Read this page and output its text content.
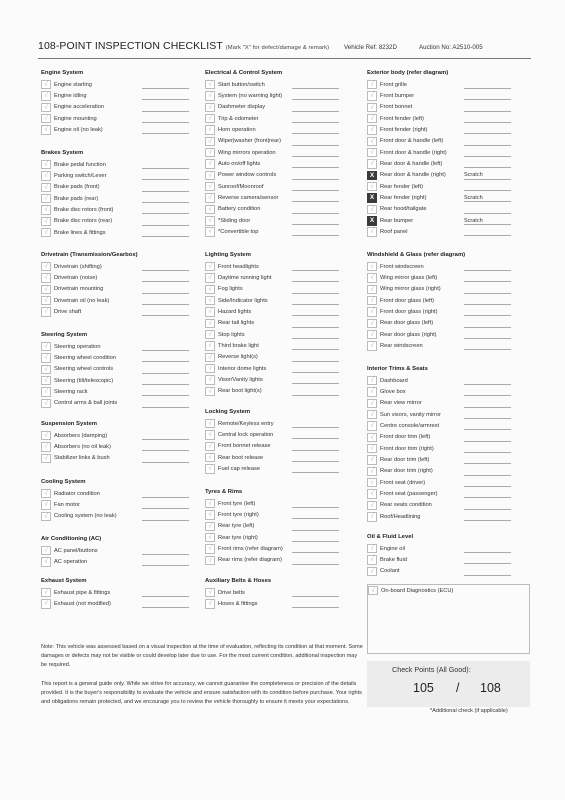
108-POINT INSPECTION CHECKLIST (Mark "X" for defect/damage & remark) Vehicle Ref: 8232D	Auction No: A2510-005
Engine System
√	Engine starting
√	Engine idling
√	Engine acceleration
√	Engine mounting
√	Engine oil (no leak)
Brakes System
√	Brake pedal function
√	Parking switch/Lever
√	Brake pads (front)
√	Brake pads (rear)
√	Brake disc rotors (front)
√	Brake disc rotors (rear)
√	Brake lines & fittings
Drivetrain (Transmission/Gearbox)
√	Drivetrain (shifting)
√	Drivetrain (noise)
√	Drivetrain mounting
√	Drivetrain oil (no leak)
√	Drive shaft
Steering System
√	Steering operation
√	Steering wheel condition
√	Steering wheel controls
√	Steering (tilt/telescopic)
√	Steering rack
√	Control arms & ball joints
Suspension System
√	Absorbers (damping)
√	Absorbers (no oil leak)
√	Stabilizer links & bush
Cooling System
√	Radiator condition
√	Fan motor
√	Cooling system (no leak)
Air Conditioning (AC)
√	AC panel/buttons
√	AC operation
Exhaust System
√	Exhaust pipe & fittings
√	Exhaust (not modified)
Electrical & Control System
√	Start button/switch
√	System (no warning light)
√	Dashmeter display
√	Trip & odometer
√	Horn operation
√	Wiper|washer (front|rear)
√	Wing mirrors operation
√	Auto on/off lights
√	Power window controls
√	Sunroof/Moonroof
√	Reverse camera/sensor
√	Battery condition
√	*Sliding door
√	*Convertible top
Lighting System
√	Front headlights
√	Daytime running light
√	Fog lights
√	Side/Indicator lights
√	Hazard lights
√	Rear tail lights
√	Stop lights
√	Third brake light
√	Reverse light(s)
√	Interior dome lights
√	Visor/Vanity lights
√	Rear boot light(s)
Locking System
√	Remote/Keyless entry
√	Central lock operation
√	Front bonnet release
√	Rear boot release
√	Fuel cap release
Tyres & Rims
√	Front tyre (left)
√	Front tyre (right)
√	Rear tyre (left)
√	Rear tyre (right)
√	Front rims (refer diagram)
√	Rear rims (refer diagram)
Auxiliary Belts & Hoses
√	Drive belts
√	Hoses & fittings
Exterior body (refer diagram)
√	Front grille
√	Front bumper
√	Front bonnet
√	Front fender (left)
√	Front fender (right)
√	Front door & handle (left)
√	Front door & handle (right)
√	Rear door & handle (left)
X	Rear door & handle (right)	Scratch
√	Rear fender (left)
X	Rear fender (right)	Scratch
√	Rear hood/tailgate
X	Rear bumper	Scratch
√	Roof panel
Windshield & Glass (refer diagram)
√	Front windscreen
√	Wing mirror glass (left)
√	Wing mirror glass (right)
√	Front door glass (left)
√	Front door glass (right)
√	Rear door glass (left)
√	Rear door glass (right)
√	Rear windscreen
Interior Trims & Seats
√	Dashboard
√	Glove box
√	Rear view mirror
√	Sun visors, vanity mirror
√	Centre console/armrest
√	Front door trim (left)
√	Front door trim (right)
√	Rear door trim (left)
√	Rear door trim (right)
√	Front seat (driver)
√	Front seat (passenger)
√	Rear seats condition
√	Roof/Headlining
Oil & Fluid Level
√	Engine oil
√	Brake fluid
√	Coolant
√	On-board Diagnostics (ECU)
Note: This vehicle was assessed based on a visual inspection at the time of evaluation, reflecting its condition at that moment. Some damages or defects may not be visible or could develop later due to use. For the most current condition, additional inspection may be required.
This report is a general guide only. While we strive for accuracy, we cannot guarantee the completeness or precision of the details provided. It is the buyer's responsibility to evaluate the vehicle and ensure satisfaction with its condition before purchase. Your rights and obligations remain protected, and we encourage you to review the vehicle thoroughly to ensure it meets your expectations.
Check Points (All Good):
105 / 108
*Additional check (if applicable)
